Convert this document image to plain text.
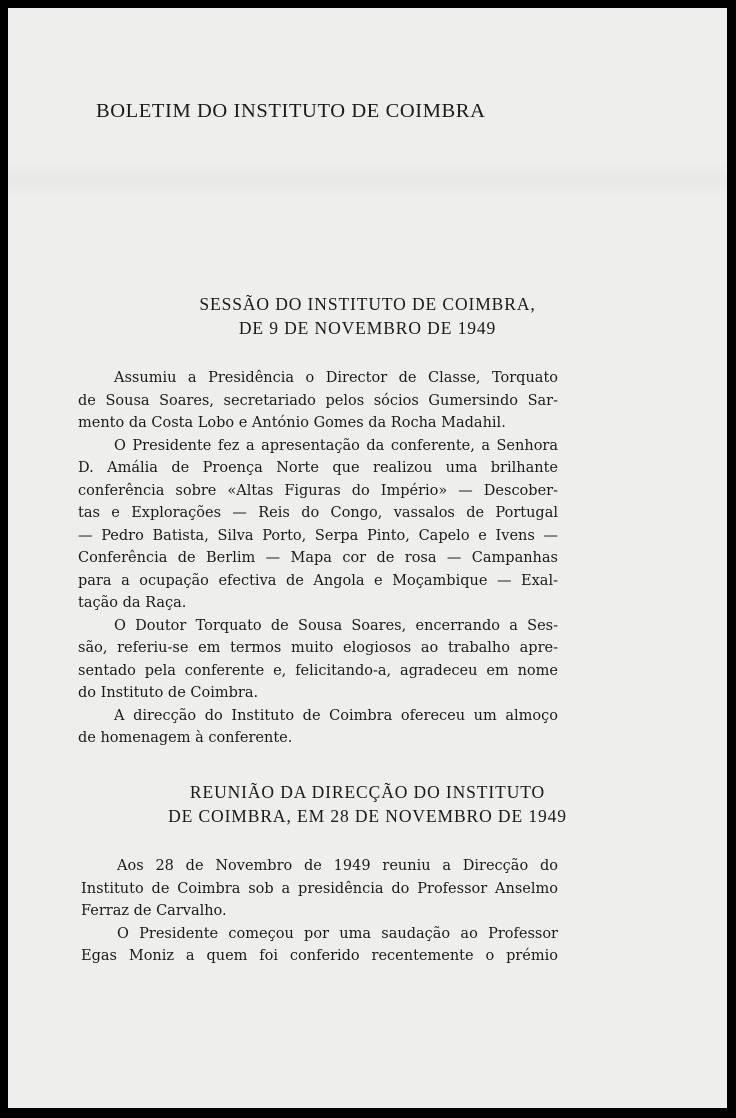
BOLETIM DO INSTITUTO DE COIMBRA
SESSÃO DO INSTITUTO DE COIMBRA,
DE 9 DE NOVEMBRO DE 1949
Assumiu a Presidência o Director de Classe, Torquato
de Sousa Soares, secretariado pelos sócios Gumersindo Sar-
mento da Costa Lobo e António Gomes da Rocha Madahil.
O Presidente fez a apresentação da conferente, a Senhora
D. Amália de Proença Norte que realizou uma brilhante
conferência sobre «Altas Figuras do Império» — Descober-
tas e Explorações — Reis do Congo, vassalos de Portugal
— Pedro Batista, Silva Porto, Serpa Pinto, Capelo e Ivens —
Conferência de Berlim — Mapa cor de rosa — Campanhas
para a ocupação efectiva de Angola e Moçambique — Exal-
tação da Raça.
O Doutor Torquato de Sousa Soares, encerrando a Ses-
são, referiu-se em termos muito elogiosos ao trabalho apre-
sentado pela conferente e, felicitando-a, agradeceu em nome
do Instituto de Coimbra.
A direcção do Instituto de Coimbra ofereceu um almoço
de homenagem à conferente.
REUNIÃO DA DIRECÇÃO DO INSTITUTO
DE COIMBRA, EM 28 DE NOVEMBRO DE 1949
Aos 28 de Novembro de 1949 reuniu a Direcção do
Instituto de Coimbra sob a presidência do Professor Anselmo
Ferraz de Carvalho.
O Presidente começou por uma saudação ao Professor
Egas Moniz a quem foi conferido recentemente o prémio
